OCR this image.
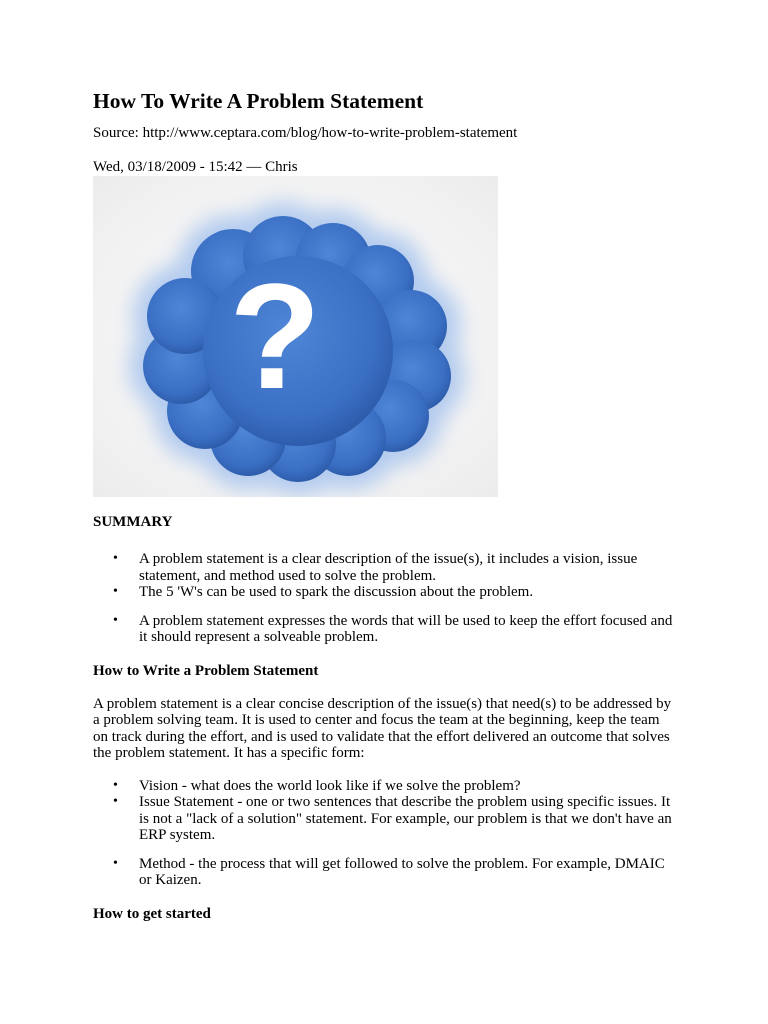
How To Write A Problem Statement
Source: http://www.ceptara.com/blog/how-to-write-problem-statement
Wed, 03/18/2009 - 15:42 — Chris
?
SUMMARY
• A problem statement is a clear description of the issue(s), it includes a vision, issue statement, and method used to solve the problem.
• The 5 'W's can be used to spark the discussion about the problem.
• A problem statement expresses the words that will be used to keep the effort focused and it should represent a solveable problem.
How to Write a Problem Statement

A problem statement is a clear concise description of the issue(s) that need(s) to be addressed by a problem solving team. It is used to center and focus the team at the beginning, keep the team on track during the effort, and is used to validate that the effort delivered an outcome that solves the problem statement. It has a specific form:

• Vision - what does the world look like if we solve the problem?
• Issue Statement - one or two sentences that describe the problem using specific issues. It is not a "lack of a solution" statement. For example, our problem is that we don't have an ERP system.
• Method - the process that will get followed to solve the problem. For example, DMAIC or Kaizen.
How to get started
